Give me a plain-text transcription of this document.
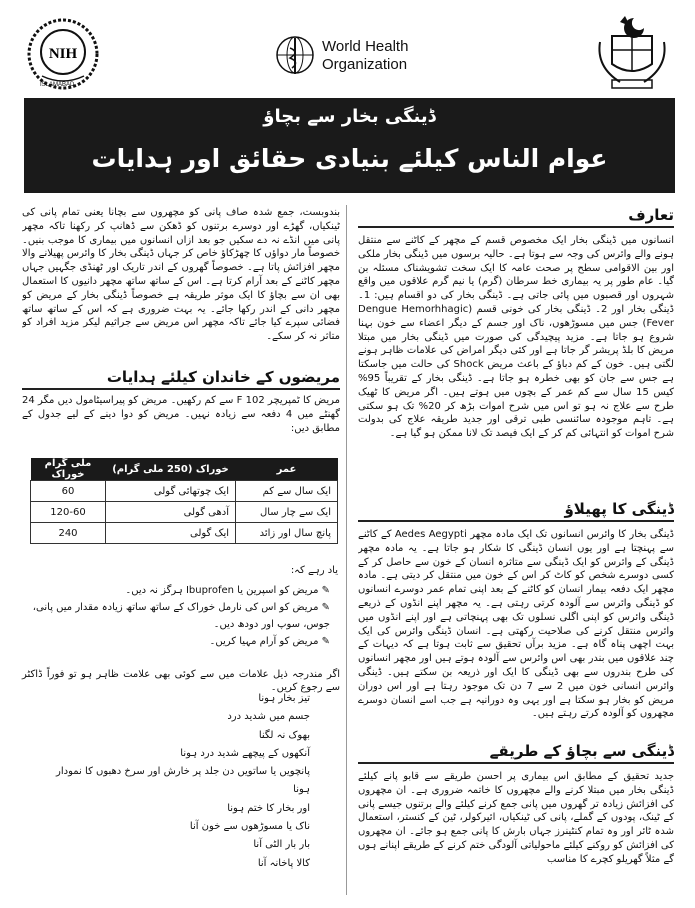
NIH
ISLAMABAD
World Health
Organization
ڈینگی بخار سے بچاؤ
عوام الناس کیلئے بنیادی حقائق اور ہدایات
تعارف
انسانوں میں ڈینگی بخار ایک مخصوص قسم کے مچھر کے کاٹنے سے منتقل ہونے والے وائرس کی وجہ سے ہوتا ہے۔ حالیہ برسوں میں ڈینگی بخار ملکی اور بین الاقوامی سطح پر صحت عامہ کا ایک سخت تشویشناک مسئلہ بن گیا۔ عام طور پر یہ بیماری خط سرطان (گرم) یا نیم گرم علاقوں میں واقع شہروں اور قصبوں میں پائی جاتی ہے۔ ڈینگی بخار کی دو اقسام ہیں: 1۔ ڈینگی بخار اور 2۔ ڈینگی بخار کی خونی قسم (Dengue Hemorhhagic Fever) جس میں مسوڑھوں، ناک اور جسم کے دیگر اعضاء سے خون بہنا شروع ہو جاتا ہے۔ مزید پیچیدگی کی صورت میں ڈینگی بخار میں مبتلا مریض کا بلڈ پریشر گر جاتا ہے اور کئی دیگر امراض کی علامات ظاہر ہونے لگتی ہیں۔ خون کے کم دباؤ کے باعث مریض Shock کی حالت میں جاسکتا ہے جس سے جان کو بھی خطرہ ہو جاتا ہے۔ ڈینگی بخار کے تقریباً 95% کیس 15 سال سے کم عمر کے بچوں میں ہوتے ہیں۔ اگر مریض کا ٹھیک طرح سے علاج نہ ہو تو اس میں شرح اموات بڑھ کر 20% تک ہو سکتی ہے۔ تاہم موجودہ سائنسی طبی ترقی اور جدید طریقہ علاج کی بدولت شرح اموات کو انتہائی کم کر کے ایک فیصد تک لانا ممکن ہو گیا ہے۔
ڈینگی کا پھیلاؤ
ڈینگی بخار کا وائرس انسانوں تک ایک مادہ مچھر Aedes Aegypti کے کاٹنے سے پہنچتا ہے اور یوں انسان ڈینگی کا شکار ہو جاتا ہے۔ یہ مادہ مچھر ڈینگی کے وائرس کو ایک ڈینگی سے متاثرہ انسان کے خون سے حاصل کر کے کسی دوسرے شخص کو کاٹ کر اس کے خون میں منتقل کر دیتی ہے۔ مادہ مچھر ایک دفعہ بیمار انسان کو کاٹنے کے بعد اپنی تمام عمر دوسرے انسانوں کو ڈینگی وائرس سے آلودہ کرتی رہتی ہے۔ یہ مچھر اپنے انڈوں کے ذریعے ڈینگی وائرس کو اپنی اگلی نسلوں تک بھی پہنچاتی ہے اور اپنے انڈوں میں وائرس منتقل کرنے کی صلاحیت رکھتی ہے۔ انسان ڈینگی وائرس کی ایک بہت اچھی پناہ گاہ ہے۔ مزید برآں تحقیق سے ثابت ہوتا ہے کہ دیہات کے چند علاقوں میں بندر بھی اس وائرس سے آلودہ ہوتے ہیں اور مچھر انسانوں کی طرح بندروں سے بھی ڈینگی کا ایک اور ذریعہ بن سکتے ہیں۔ ڈینگی وائرس انسانی خون میں 2 سے 7 دن تک موجود رہتا ہے اور اس دوران مریض کو بخار ہو سکتا ہے اور یہی وہ دورانیہ ہے جب اسے انسان دوسرے مچھروں کو آلودہ کرتے رہتے ہیں۔
ڈینگی سے بچاؤ کے طریقے
جدید تحقیق کے مطابق اس بیماری پر احسن طریقے سے قابو پانے کیلئے ڈینگی بخار میں مبتلا کرنے والے مچھروں کا خاتمہ ضروری ہے۔ ان مچھروں کی افزائش زیادہ تر گھروں میں پانی جمع کرنے کیلئے والے برتنوں جیسے پانی کے ٹینک، پودوں کے گملے، پانی کی ٹینکیاں، ائیرکولر، ٹین کے کنستر، استعمال شدہ ٹائر اور وہ تمام کنٹینرز جہاں بارش کا پانی جمع ہو جائے۔ ان مچھروں کی افزائش کو روکنے کیلئے ماحولیاتی آلودگی ختم کرنے کے طریقے اپنانے ہوں گے مثلاً گھریلو کچرے کا مناسب
بندوبست، جمع شدہ صاف پانی کو مچھروں سے بچانا یعنی تمام پانی کی ٹینکیاں، گھڑے اور دوسرے برتنوں کو ڈھکن سے ڈھانپ کر رکھنا تاکہ مچھر پانی میں انڈے نہ دے سکیں جو بعد ازاں انسانوں میں بیماری کا موجب بنیں۔ خصوصاً مار دواؤں کا چھڑکاؤ خاص کر جہاں ڈینگی بخار کا وائرس پھیلانے والا مچھر افزائش پاتا ہے۔ خصوصاً گھروں کے اندر تاریک اور ٹھنڈی جگہیں جہاں مچھر کاٹنے کے بعد آرام کرتا ہے۔ اس کے ساتھ ساتھ مچھر دانیوں کا استعمال بھی ان سے بچاؤ کا ایک موثر طریقہ ہے خصوصاً ڈینگی بخار کے مریض کو مچھر دانی کے اندر رکھا جائے۔ یہ بہت ضروری ہے کہ اس کے ساتھ ساتھ فضائی سپرے کیا جائے تاکہ مچھر اس مریض سے جراثیم لیکر مزید افراد کو متاثر نہ کر سکے۔
مریضوں کے خاندان کیلئے ہدایات
مریض کا ٹمپریچر 102 F سے کم رکھیں۔ مریض کو پیراسیٹامول دیں مگر 24 گھنٹے میں 4 دفعہ سے زیادہ نہیں۔ مریض کو دوا دینے کے لیے جدول کے مطابق دیں:
عمر	خوراک (250 ملی گرام)	ملی گرام خوراک
ایک سال سے کم	ایک چوتھائی گولی	60
ایک سے چار سال	آدھی گولی	120-60
پانچ سال اور زائد	ایک گولی	240
یاد رہے کہ:
✎ مریض کو اسپرین یا Ibuprofen ہرگز نہ دیں۔
✎ مریض کو اس کی نارمل خوراک کے ساتھ ساتھ زیادہ مقدار میں پانی، جوس، سوپ اور دودھ دیں۔
✎ مریض کو آرام مہیا کریں۔
اگر مندرجہ ذیل علامات میں سے کوئی بھی علامت ظاہر ہو تو فوراً ڈاکٹر سے رجوع کریں۔
تیز بخار ہونا
جسم میں شدید درد
بھوک نہ لگنا
آنکھوں کے پیچھے شدید درد ہونا
پانچویں یا ساتویں دن جلد پر خارش اور سرخ دھبوں کا نمودار ہونا
اور بخار کا ختم ہونا
ناک یا مسوڑھوں سے خون آنا
بار بار الٹی آنا
کالا پاخانہ آنا
